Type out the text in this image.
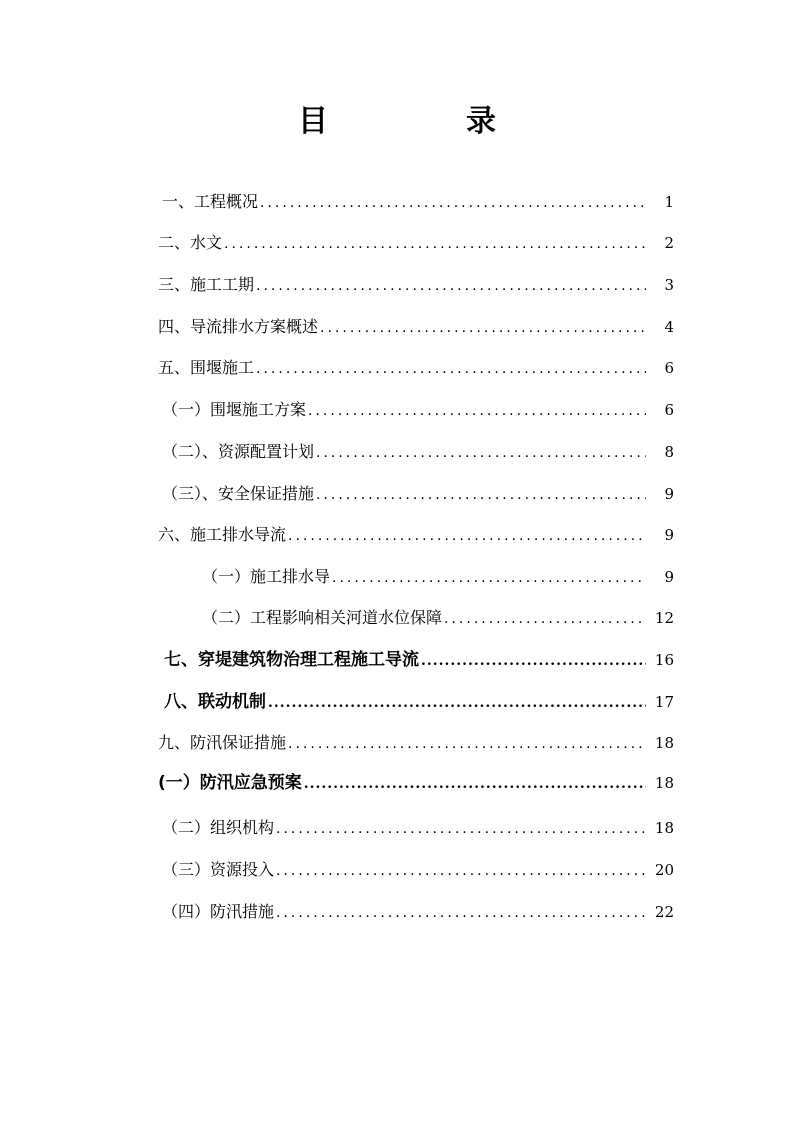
目　录
一、工程概况 .....	1
二、水文 .....	2
三、施工工期 .....	3
四、导流排水方案概述 .....	4
五、围堰施工 .....	6
（一）围堰施工方案 .....	6
（二）、资源配置计划 .....	8
（三）、安全保证措施 .....	9
六、施工排水导流 .....	9
（一）施工排水导 .....	9
（二）工程影响相关河道水位保障 .....	12
七、穿堤建筑物治理工程施工导流 .....	16
八、联动机制 .....	17
九、防汛保证措施 .....	18
(一）防汛应急预案 .....	18
（二）组织机构 .....	18
（三）资源投入 .....	20
（四）防汛措施 .....	22
